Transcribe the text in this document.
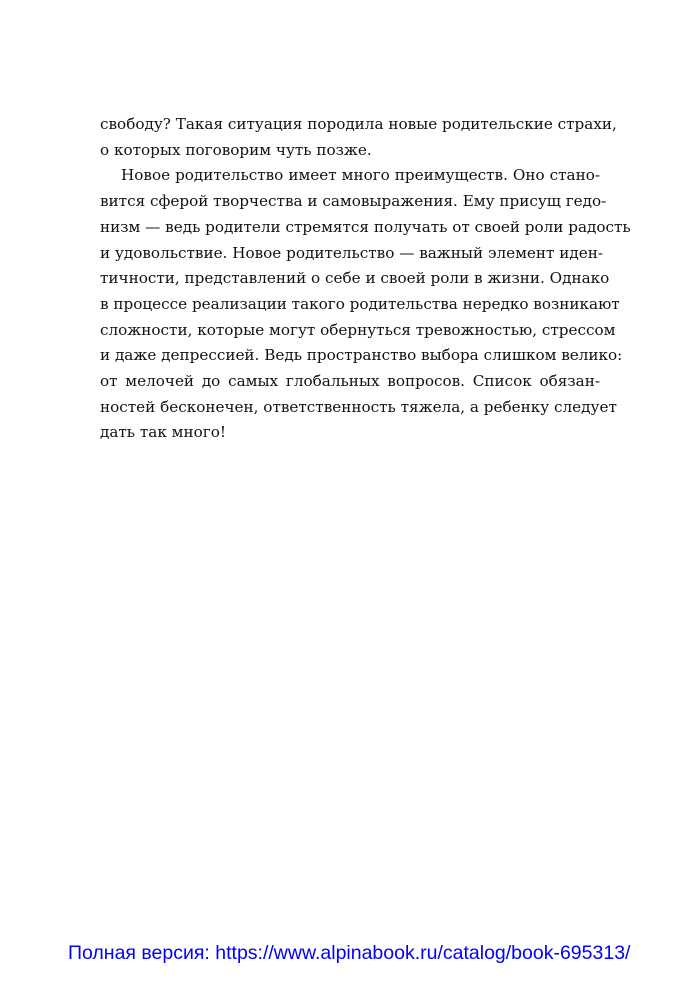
свободу? Такая ситуация породила новые родительские страхи,
о которых поговорим чуть позже.
Новое родительство имеет много преимуществ. Оно стано-
вится сферой творчества и самовыражения. Ему присущ гедо-
низм — ведь родители стремятся получать от своей роли радость
и удовольствие. Новое родительство — важный элемент иден-
тичности, представлений о себе и своей роли в жизни. Однако
в процессе реализации такого родительства нередко возникают
сложности, которые могут обернуться тревожностью, стрессом
и даже депрессией. Ведь пространство выбора слишком велико:
от мелочей до самых глобальных вопросов. Список обязан-
ностей бесконечен, ответственность тяжела, а ребенку следует
дать так много!
Полная версия: https://www.alpinabook.ru/catalog/book-695313/
